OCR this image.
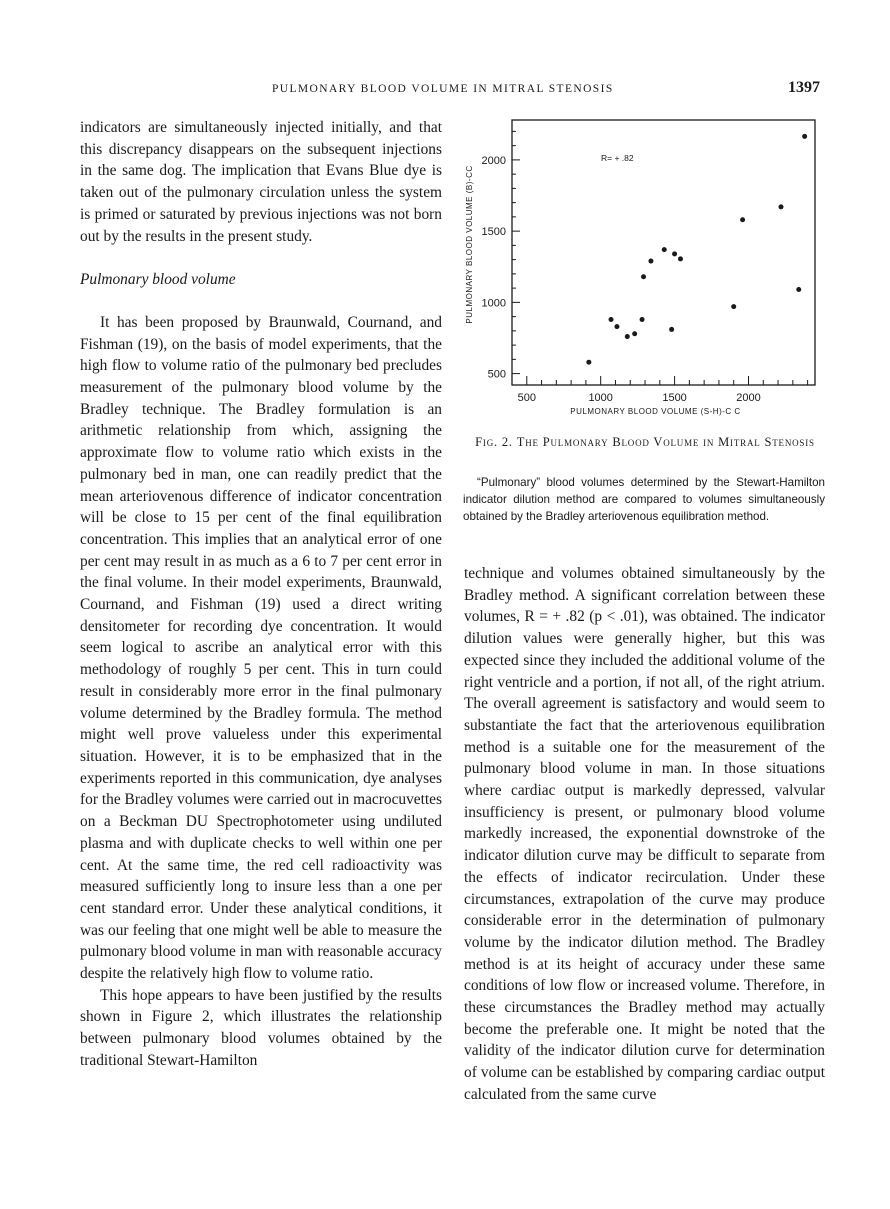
PULMONARY BLOOD VOLUME IN MITRAL STENOSIS	1397

indicators are simultaneously injected initially, and that this discrepancy disappears on the subsequent injections in the same dog. The implication that Evans Blue dye is taken out of the pulmonary circulation unless the system is primed or saturated by previous injections was not born out by the results in the present study.

Pulmonary blood volume

It has been proposed by Braunwald, Cournand, and Fishman (19), on the basis of model experiments, that the high flow to volume ratio of the pulmonary bed precludes measurement of the pulmonary blood volume by the Bradley technique. The Bradley formulation is an arithmetic relationship from which, assigning the approximate flow to volume ratio which exists in the pulmonary bed in man, one can readily predict that the mean arteriovenous difference of indicator concentration will be close to 15 per cent of the final equilibration concentration. This implies that an analytical error of one per cent may result in as much as a 6 to 7 per cent error in the final volume. In their model experiments, Braunwald, Cournand, and Fishman (19) used a direct writing densitometer for recording dye concentration. It would seem logical to ascribe an analytical error with this methodology of roughly 5 per cent. This in turn could result in considerably more error in the final pulmonary volume determined by the Bradley formula. The method might well prove valueless under this experimental situation. However, it is to be emphasized that in the experiments reported in this communication, dye analyses for the Bradley volumes were carried out in macrocuvettes on a Beckman DU Spectrophotometer using undiluted plasma and with duplicate checks to well within one per cent. At the same time, the red cell radioactivity was measured sufficiently long to insure less than a one per cent standard error. Under these analytical conditions, it was our feeling that one might well be able to measure the pulmonary blood volume in man with reasonable accuracy despite the relatively high flow to volume ratio.

This hope appears to have been justified by the results shown in Figure 2, which illustrates the relationship between pulmonary blood volumes obtained by the traditional Stewart-Hamilton

500	1000	1500	2000
500
1000
1500
2000
PULMONARY BLOOD VOLUME (S-H)-C C
PULMONARY BLOOD VOLUME (B)-CC
R= + .82
Fig. 2. The Pulmonary Blood Volume in Mitral Stenosis

“Pulmonary” blood volumes determined by the Stewart-Hamilton indicator dilution method are compared to volumes simultaneously obtained by the Bradley arteriovenous equilibration method.

technique and volumes obtained simultaneously by the Bradley method. A significant correlation between these volumes, R = + .82 (p < .01), was obtained. The indicator dilution values were generally higher, but this was expected since they included the additional volume of the right ventricle and a portion, if not all, of the right atrium. The overall agreement is satisfactory and would seem to substantiate the fact that the arteriovenous equilibration method is a suitable one for the measurement of the pulmonary blood volume in man. In those situations where cardiac output is markedly depressed, valvular insufficiency is present, or pulmonary blood volume markedly increased, the exponential downstroke of the indicator dilution curve may be difficult to separate from the effects of indicator recirculation. Under these circumstances, extrapolation of the curve may produce considerable error in the determination of pulmonary volume by the indicator dilution method. The Bradley method is at its height of accuracy under these same conditions of low flow or increased volume. Therefore, in these circumstances the Bradley method may actually become the preferable one. It might be noted that the validity of the indicator dilution curve for determination of volume can be established by comparing cardiac output calculated from the same curve
